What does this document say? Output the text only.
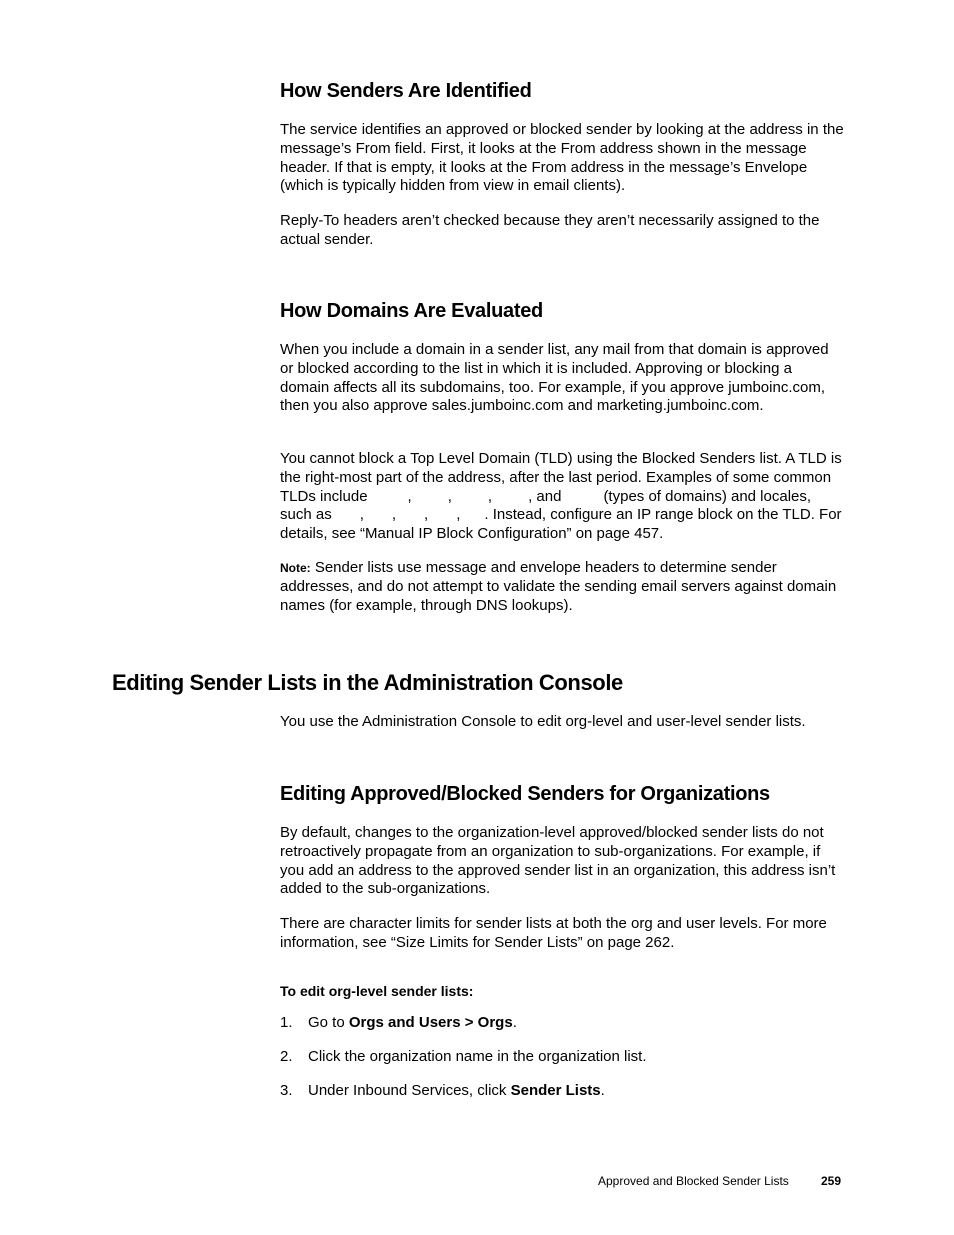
How Senders Are Identified

The service identifies an approved or blocked sender by looking at the address in the message’s From field. First, it looks at the From address shown in the message header. If that is empty, it looks at the From address in the message’s Envelope (which is typically hidden from view in email clients).

Reply-To headers aren’t checked because they aren’t necessarily assigned to the actual sender.

How Domains Are Evaluated

When you include a domain in a sender list, any mail from that domain is approved or blocked according to the list in which it is included. Approving or blocking a domain affects all its subdomains, too. For example, if you approve jumboinc.com, then you also approve sales.jumboinc.com and marketing.jumboinc.com.

You cannot block a Top Level Domain (TLD) using the Blocked Senders list. A TLD is the right-most part of the address, after the last period. Examples of some common TLDs include	, , , , and	(types of domains) and locales, such as , , , , . Instead, configure an IP range block on the TLD. For details, see “Manual IP Block Configuration” on page 457.

Note: Sender lists use message and envelope headers to determine sender addresses, and do not attempt to validate the sending email servers against domain names (for example, through DNS lookups).

Editing Sender Lists in the Administration Console

You use the Administration Console to edit org-level and user-level sender lists.

Editing Approved/Blocked Senders for Organizations

By default, changes to the organization-level approved/blocked sender lists do not retroactively propagate from an organization to sub-organizations. For example, if you add an address to the approved sender list in an organization, this address isn’t added to the sub-organizations.

There are character limits for sender lists at both the org and user levels. For more information, see “Size Limits for Sender Lists” on page 262.

To edit org-level sender lists:

1.	Go to Orgs and Users > Orgs.
2.	Click the organization name in the organization list.
3.	Under Inbound Services, click Sender Lists.
Approved and Blocked Sender Lists	259
